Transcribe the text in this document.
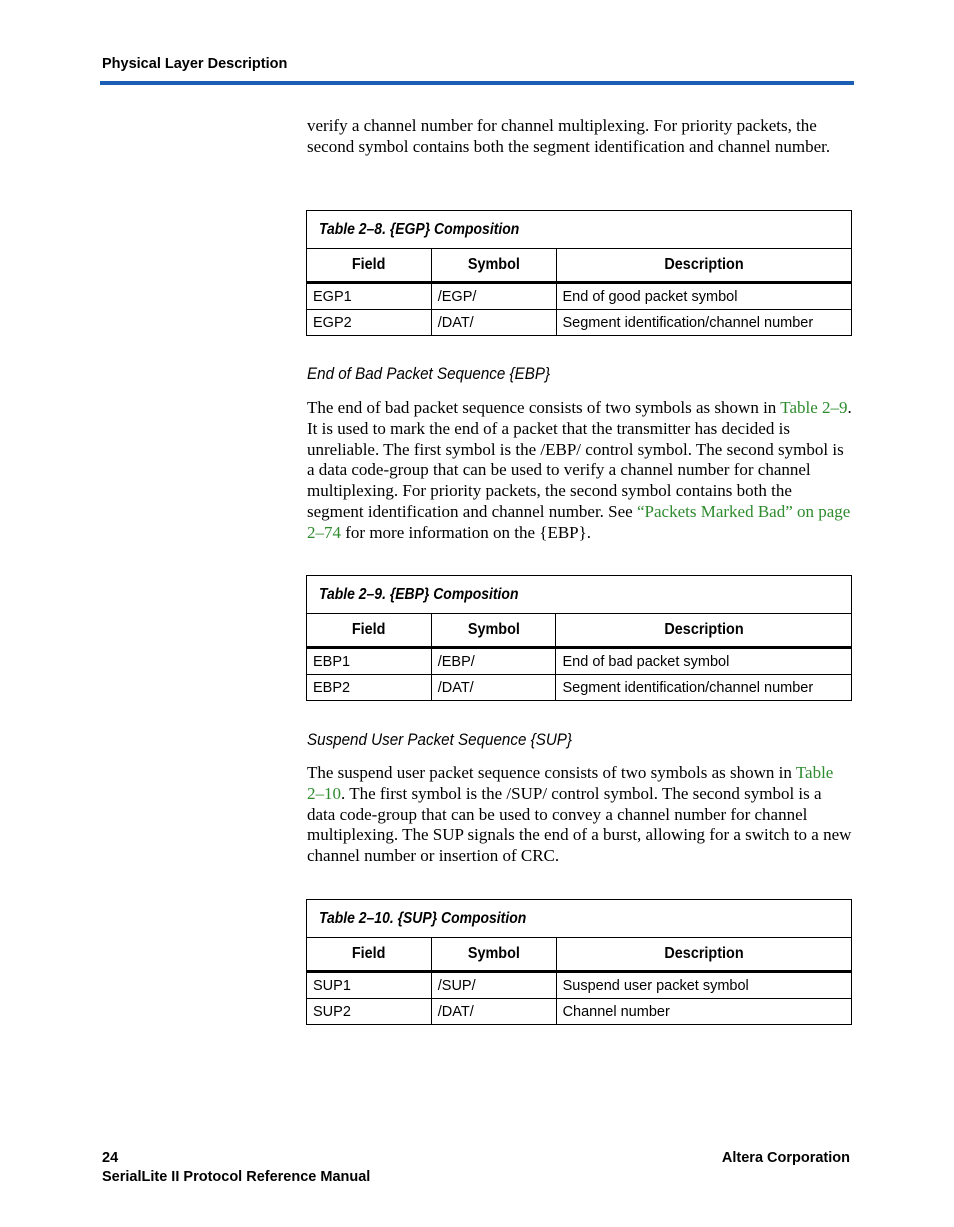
Physical Layer Description

verify a channel number for channel multiplexing. For priority packets, the second symbol contains both the segment identification and channel number.

Table 2–8. {EGP} Composition		
Field	Symbol	Description
EGP1	/EGP/	End of good packet symbol
EGP2	/DAT/	Segment identification/channel number
End of Bad Packet Sequence {EBP}

The end of bad packet sequence consists of two symbols as shown in Table 2–9. It is used to mark the end of a packet that the transmitter has decided is unreliable. The first symbol is the /EBP/ control symbol. The second symbol is a data code-group that can be used to verify a channel number for channel multiplexing. For priority packets, the second symbol contains both the segment identification and channel number. See “Packets Marked Bad” on page 2–74 for more information on the {EBP}.

Table 2–9. {EBP} Composition		
Field	Symbol	Description
EBP1	/EBP/	End of bad packet symbol
EBP2	/DAT/	Segment identification/channel number
Suspend User Packet Sequence {SUP}

The suspend user packet sequence consists of two symbols as shown in Table 2–10. The first symbol is the /SUP/ control symbol. The second symbol is a data code-group that can be used to convey a channel number for channel multiplexing. The SUP signals the end of a burst, allowing for a switch to a new channel number or insertion of CRC.

Table 2–10. {SUP} Composition		
Field	Symbol	Description
SUP1	/SUP/	Suspend user packet symbol
SUP2	/DAT/	Channel number
24
SerialLite II Protocol Reference Manual
Altera Corporation
